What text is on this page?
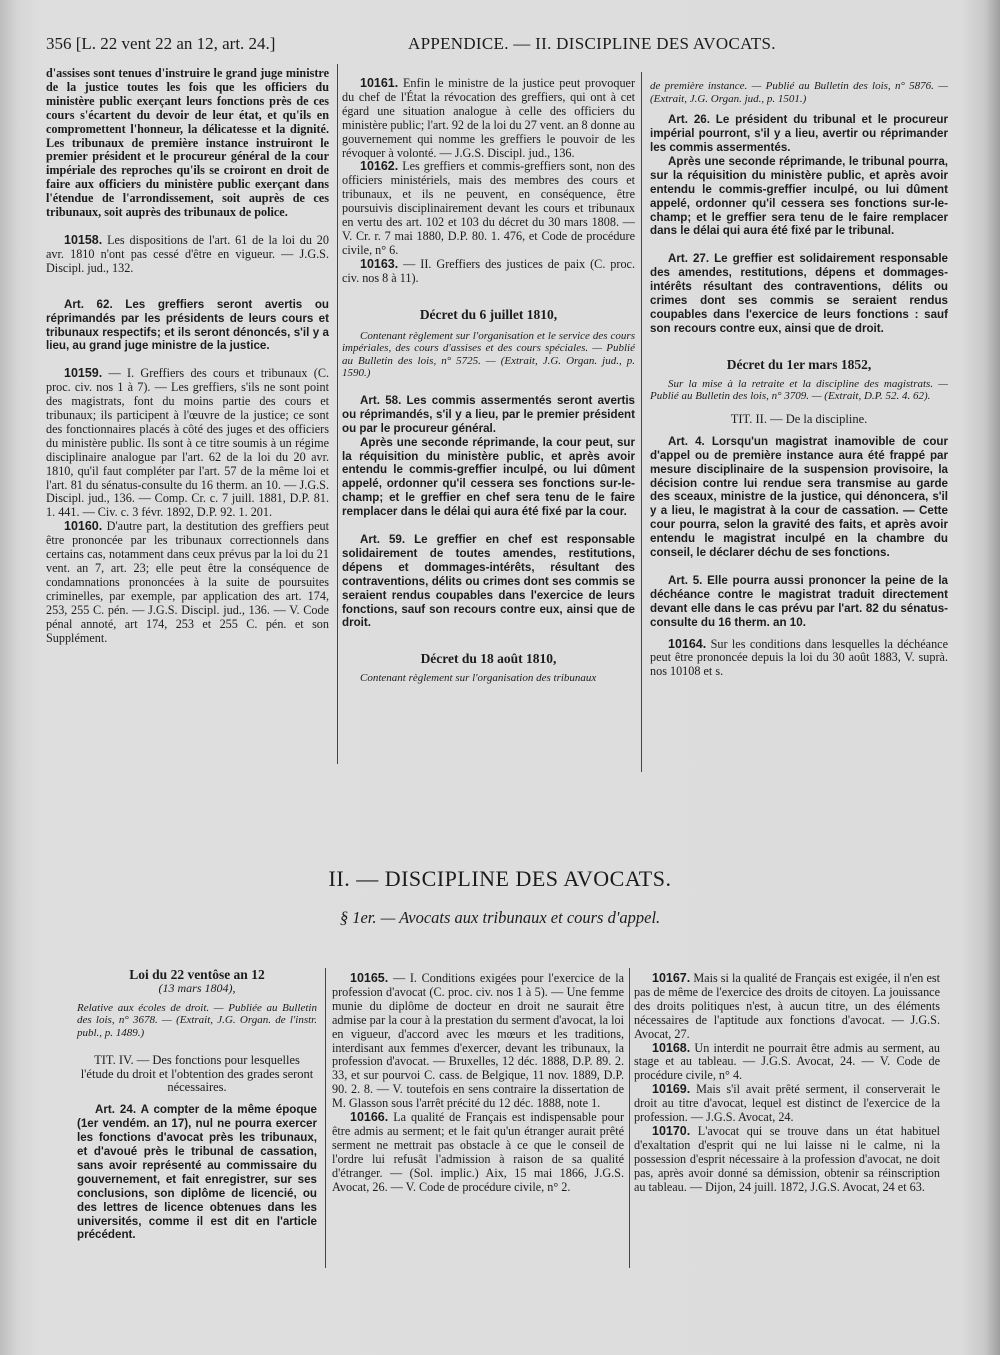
356 [L. 22 vent 22 an 12, art. 24.]	APPENDICE. — II. DISCIPLINE DES AVOCATS.

d'assises sont tenues d'instruire le grand juge ministre de la justice toutes les fois que les officiers du ministère public exerçant leurs fonctions près de ces cours s'écartent du devoir de leur état, et qu'ils en compromettent l'honneur, la délicatesse et la dignité. Les tribunaux de première instance instruiront le premier président et le procureur général de la cour impériale des reproches qu'ils se croiront en droit de faire aux officiers du ministère public exerçant dans l'étendue de l'arrondissement, soit auprès de ces tribunaux, soit auprès des tribunaux de police.

10158. Les dispositions de l'art. 61 de la loi du 20 avr. 1810 n'ont pas cessé d'être en vigueur. — J.G.S. Discipl. jud., 132.

Art. 62. Les greffiers seront avertis ou réprimandés par les présidents de leurs cours et tribunaux respectifs; et ils seront dénoncés, s'il y a lieu, au grand juge ministre de la justice.

10159. — I. Greffiers des cours et tribunaux (C. proc. civ. nos 1 à 7). — Les greffiers, s'ils ne sont point des magistrats, font du moins partie des cours et tribunaux; ils participent à l'œuvre de la justice; ce sont des fonctionnaires placés à côté des juges et des officiers du ministère public. Ils sont à ce titre soumis à un régime disciplinaire analogue par l'art. 62 de la loi du 20 avr. 1810, qu'il faut compléter par l'art. 57 de la même loi et l'art. 81 du sénatus-consulte du 16 therm. an 10. — J.G.S. Discipl. jud., 136. — Comp. Cr. c. 7 juill. 1881, D.P. 81. 1. 441. — Civ. c. 3 févr. 1892, D.P. 92. 1. 201.

10160. D'autre part, la destitution des greffiers peut être prononcée par les tribunaux correctionnels dans certains cas, notamment dans ceux prévus par la loi du 21 vent. an 7, art. 23; elle peut être la conséquence de condamnations prononcées à la suite de poursuites criminelles, par exemple, par application des art. 174, 253, 255 C. pén. — J.G.S. Discipl. jud., 136. — V. Code pénal annoté, art 174, 253 et 255 C. pén. et son Supplément.

10161. Enfin le ministre de la justice peut provoquer du chef de l'État la révocation des greffiers, qui ont à cet égard une situation analogue à celle des officiers du ministère public; l'art. 92 de la loi du 27 vent. an 8 donne au gouvernement qui nomme les greffiers le pouvoir de les révoquer à volonté. — J.G.S. Discipl. jud., 136.

10162. Les greffiers et commis-greffiers sont, non des officiers ministériels, mais des membres des cours et tribunaux, et ils ne peuvent, en conséquence, être poursuivis disciplinairement devant les cours et tribunaux en vertu des art. 102 et 103 du décret du 30 mars 1808. — V. Cr. r. 7 mai 1880, D.P. 80. 1. 476, et Code de procédure civile, n° 6.

10163. — II. Greffiers des justices de paix (C. proc. civ. nos 8 à 11).

Décret du 6 juillet 1810,

Contenant règlement sur l'organisation et le service des cours impériales, des cours d'assises et des cours spéciales. — Publié au Bulletin des lois, n° 5725. — (Extrait, J.G. Organ. jud., p. 1590.)

Art. 58. Les commis assermentés seront avertis ou réprimandés, s'il y a lieu, par le premier président ou par le procureur général.

Après une seconde réprimande, la cour peut, sur la réquisition du ministère public, et après avoir entendu le commis-greffier inculpé, ou lui dûment appelé, ordonner qu'il cessera ses fonctions sur-le-champ; et le greffier en chef sera tenu de le faire remplacer dans le délai qui aura été fixé par la cour.

Art. 59. Le greffier en chef est responsable solidairement de toutes amendes, restitutions, dépens et dommages-intérêts, résultant des contraventions, délits ou crimes dont ses commis se seraient rendus coupables dans l'exercice de leurs fonctions, sauf son recours contre eux, ainsi que de droit.

Décret du 18 août 1810,

Contenant règlement sur l'organisation des tribunaux

de première instance. — Publié au Bulletin des lois, n° 5876. — (Extrait, J.G. Organ. jud., p. 1501.)

Art. 26. Le président du tribunal et le procureur impérial pourront, s'il y a lieu, avertir ou réprimander les commis assermentés.

Après une seconde réprimande, le tribunal pourra, sur la réquisition du ministère public, et après avoir entendu le commis-greffier inculpé, ou lui dûment appelé, ordonner qu'il cessera ses fonctions sur-le-champ; et le greffier sera tenu de le faire remplacer dans le délai qui aura été fixé par le tribunal.

Art. 27. Le greffier est solidairement responsable des amendes, restitutions, dépens et dommages-intérêts résultant des contraventions, délits ou crimes dont ses commis se seraient rendus coupables dans l'exercice de leurs fonctions : sauf son recours contre eux, ainsi que de droit.

Décret du 1er mars 1852,

Sur la mise à la retraite et la discipline des magistrats. — Publié au Bulletin des lois, n° 3709. — (Extrait, D.P. 52. 4. 62).

TIT. II. — De la discipline.

Art. 4. Lorsqu'un magistrat inamovible de cour d'appel ou de première instance aura été frappé par mesure disciplinaire de la suspension provisoire, la décision contre lui rendue sera transmise au garde des sceaux, ministre de la justice, qui dénoncera, s'il y a lieu, le magistrat à la cour de cassation. — Cette cour pourra, selon la gravité des faits, et après avoir entendu le magistrat inculpé en la chambre du conseil, le déclarer déchu de ses fonctions.

Art. 5. Elle pourra aussi prononcer la peine de la déchéance contre le magistrat traduit directement devant elle dans le cas prévu par l'art. 82 du sénatus-consulte du 16 therm. an 10.

10164. Sur les conditions dans lesquelles la déchéance peut être prononcée depuis la loi du 30 août 1883, V. suprà. nos 10108 et s.

II. — DISCIPLINE DES AVOCATS.
§ 1er. — Avocats aux tribunaux et cours d'appel.

Loi du 22 ventôse an 12

(13 mars 1804),

Relative aux écoles de droit. — Publiée au Bulletin des lois, n° 3678. — (Extrait, J.G. Organ. de l'instr. publ., p. 1489.)

TIT. IV. — Des fonctions pour lesquelles l'étude du droit et l'obtention des grades seront nécessaires.

Art. 24. A compter de la même époque (1er vendém. an 17), nul ne pourra exercer les fonctions d'avocat près les tribunaux, et d'avoué près le tribunal de cassation, sans avoir représenté au commissaire du gouvernement, et fait enregistrer, sur ses conclusions, son diplôme de licencié, ou des lettres de licence obtenues dans les universités, comme il est dit en l'article précédent.

10165. — I. Conditions exigées pour l'exercice de la profession d'avocat (C. proc. civ. nos 1 à 5). — Une femme munie du diplôme de docteur en droit ne saurait être admise par la cour à la prestation du serment d'avocat, la loi en vigueur, d'accord avec les mœurs et les traditions, interdisant aux femmes d'exercer, devant les tribunaux, la profession d'avocat. — Bruxelles, 12 déc. 1888, D.P. 89. 2. 33, et sur pourvoi C. cass. de Belgique, 11 nov. 1889, D.P. 90. 2. 8. — V. toutefois en sens contraire la dissertation de M. Glasson sous l'arrêt précité du 12 déc. 1888, note 1.

10166. La qualité de Français est indispensable pour être admis au serment; et le fait qu'un étranger aurait prêté serment ne mettrait pas obstacle à ce que le conseil de l'ordre lui refusât l'admission à raison de sa qualité d'étranger. — (Sol. implic.) Aix, 15 mai 1866, J.G.S. Avocat, 26. — V. Code de procédure civile, n° 2.

10167. Mais si la qualité de Français est exigée, il n'en est pas de même de l'exercice des droits de citoyen. La jouissance des droits politiques n'est, à aucun titre, un des éléments nécessaires de l'aptitude aux fonctions d'avocat. — J.G.S. Avocat, 27.

10168. Un interdit ne pourrait être admis au serment, au stage et au tableau. — J.G.S. Avocat, 24. — V. Code de procédure civile, n° 4.

10169. Mais s'il avait prêté serment, il conserverait le droit au titre d'avocat, lequel est distinct de l'exercice de la profession. — J.G.S. Avocat, 24.

10170. L'avocat qui se trouve dans un état habituel d'exaltation d'esprit qui ne lui laisse ni le calme, ni la possession d'esprit nécessaire à la profession d'avocat, ne doit pas, après avoir donné sa démission, obtenir sa réinscription au tableau. — Dijon, 24 juill. 1872, J.G.S. Avocat, 24 et 63.
